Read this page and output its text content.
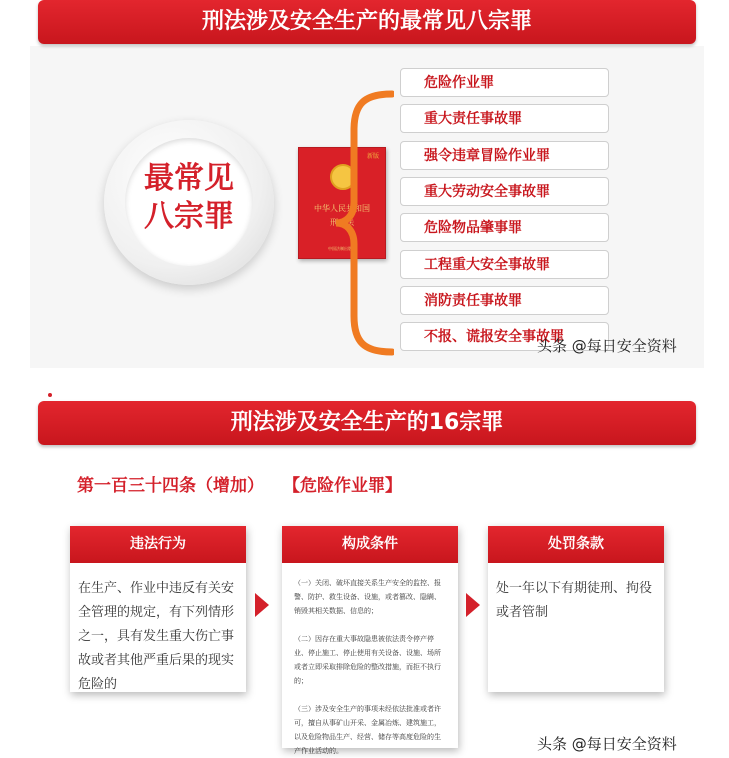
刑法涉及安全生产的最常见八宗罪
最常见
八宗罪
新版
中华人民共和国
刑　法
中国法制出版社
危险作业罪
重大责任事故罪
强令违章冒险作业罪
重大劳动安全事故罪
危险物品肇事罪
工程重大安全事故罪
消防责任事故罪
不报、谎报安全事故罪
头条 @每日安全资料
刑法涉及安全生产的16宗罪
第一百三十四条（增加） 【危险作业罪】
违法行为
在生产、作业中违反有关安全管理的规定，有下列情形之一，具有发生重大伤亡事故或者其他严重后果的现实危险的
构成条件

（一）关闭、破坏直接关系生产安全的监控、报警、防护、救生设备、设施，或者篡改、隐瞒、销毁其相关数据、信息的；

（二）因存在重大事故隐患被依法责令停产停业、停止施工、停止使用有关设备、设施、场所或者立即采取排除危险的整改措施，而拒不执行的；

（三）涉及安全生产的事项未经依法批准或者许可，擅自从事矿山开采、金属冶炼、建筑施工，以及危险物品生产、经营、储存等高度危险的生产作业活动的。

处罚条款
处一年以下有期徒刑、拘役或者管制
头条 @每日安全资料
